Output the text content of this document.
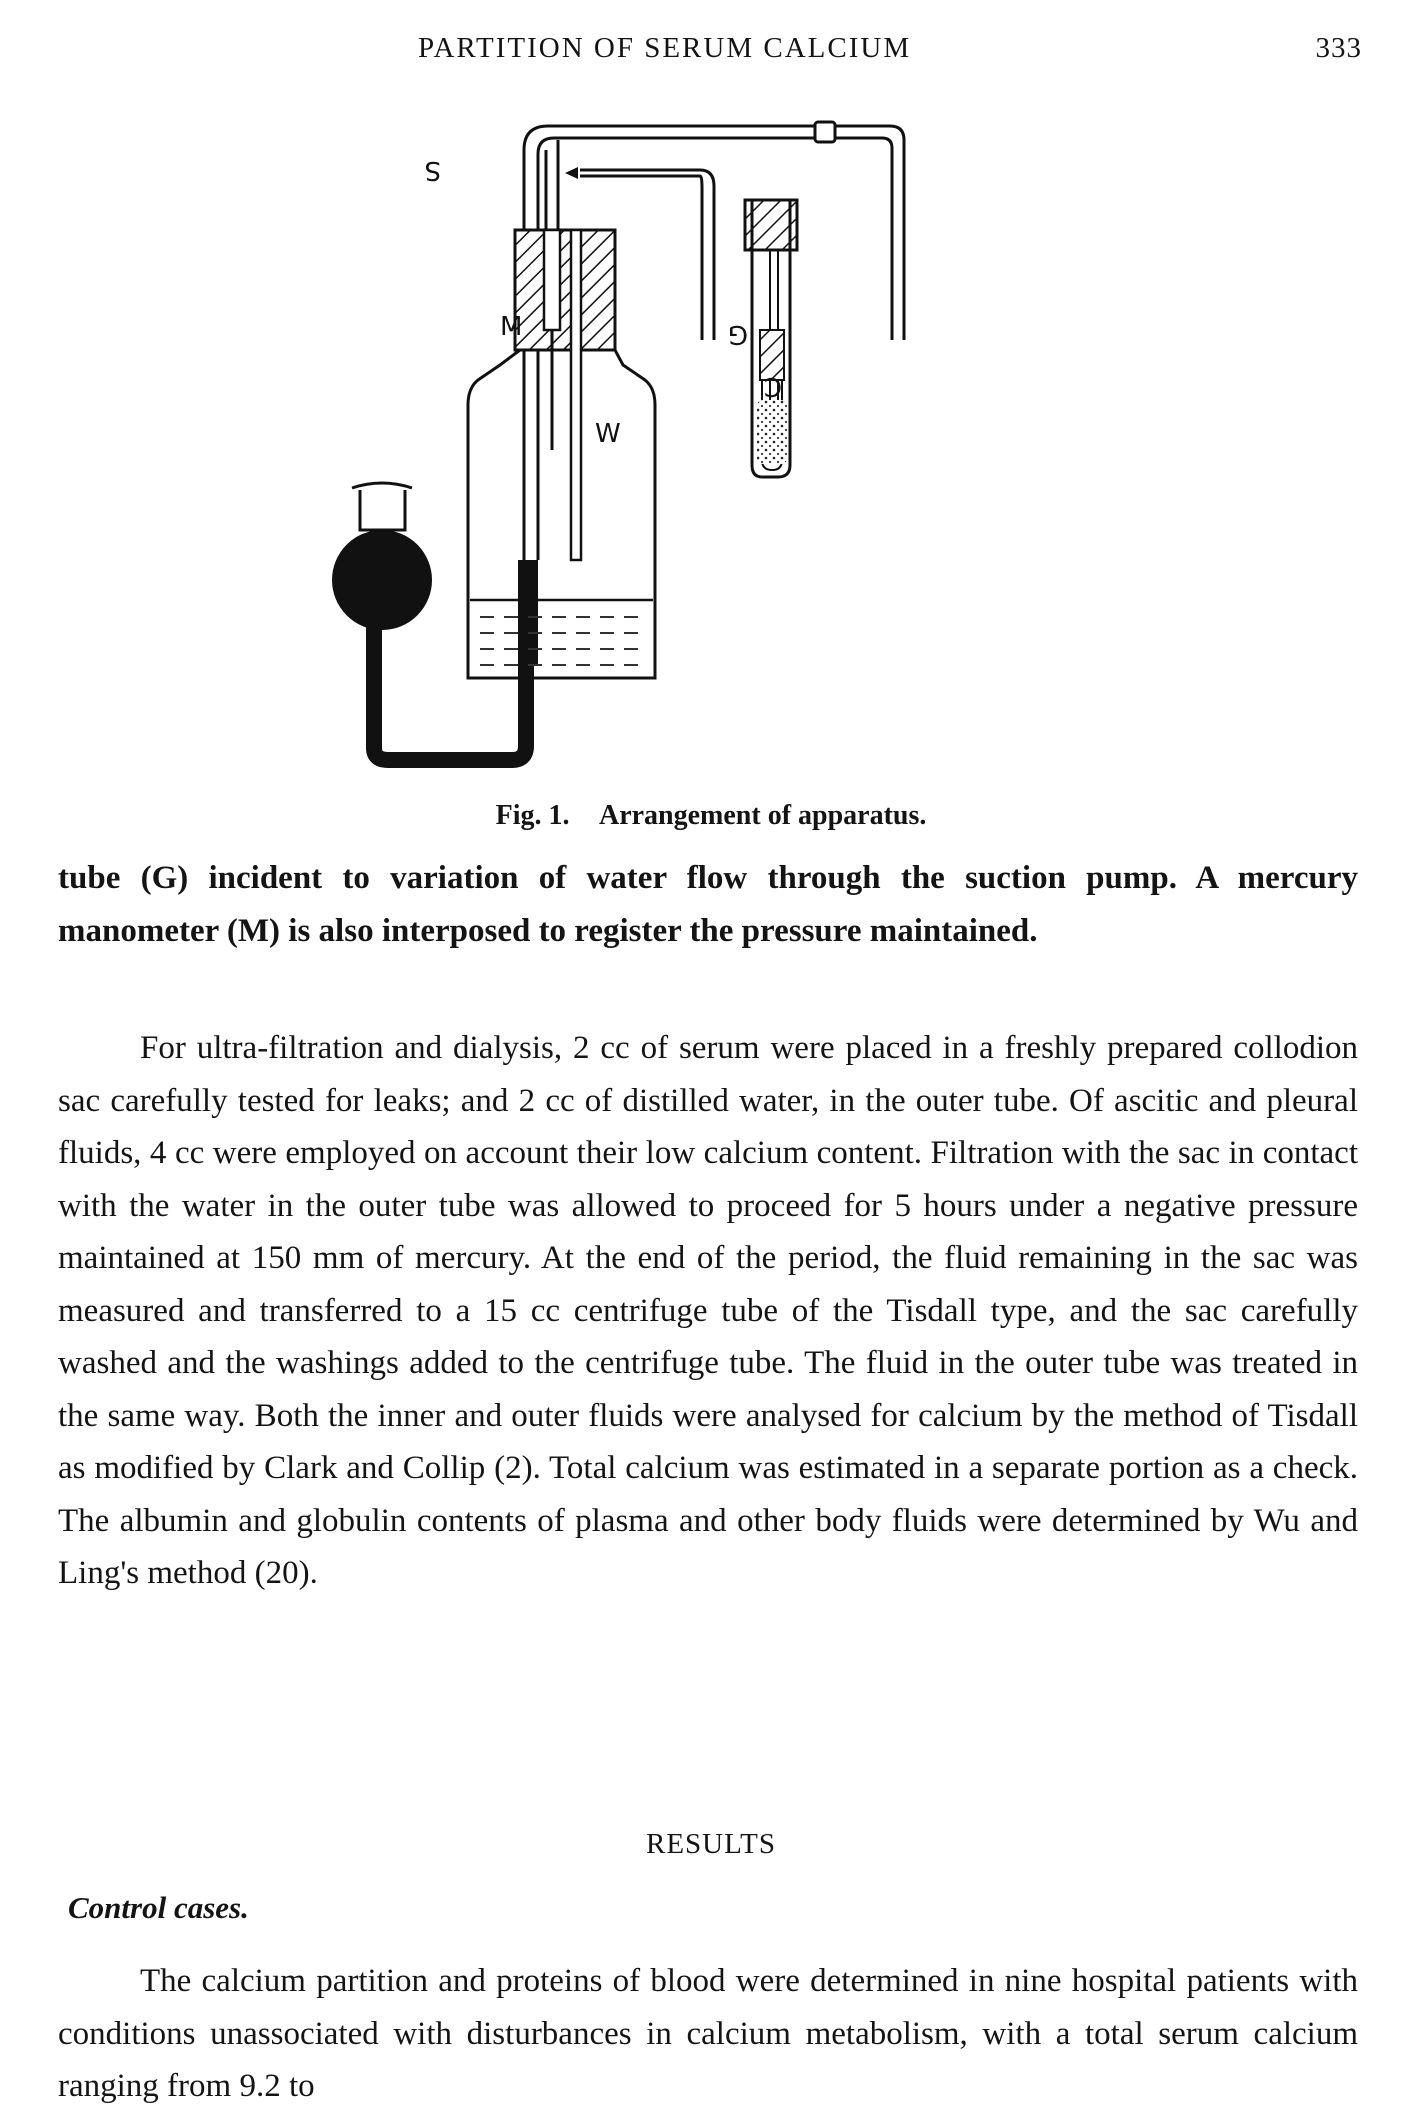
PARTITION OF SERUM CALCIUM	333
M
S
W
G
C
Fig. 1. Arrangement of apparatus.

tube (G) incident to variation of water flow through the suction pump. A mercury manometer (M) is also interposed to register the pressure maintained.

For ultra-filtration and dialysis, 2 cc of serum were placed in a freshly prepared collodion sac carefully tested for leaks; and 2 cc of distilled water, in the outer tube. Of ascitic and pleural fluids, 4 cc were employed on account their low calcium content. Filtration with the sac in contact with the water in the outer tube was allowed to proceed for 5 hours under a negative pressure maintained at 150 mm of mercury. At the end of the period, the fluid remaining in the sac was measured and transferred to a 15 cc centrifuge tube of the Tisdall type, and the sac carefully washed and the washings added to the centrifuge tube. The fluid in the outer tube was treated in the same way. Both the inner and outer fluids were analysed for calcium by the method of Tisdall as modified by Clark and Collip (2). Total calcium was estimated in a separate portion as a check. The albumin and globulin contents of plasma and other body fluids were determined by Wu and Ling's method (20).

RESULTS
Control cases.

The calcium partition and proteins of blood were determined in nine hospital patients with conditions unassociated with disturbances in calcium metabolism, with a total serum calcium ranging from 9.2 to
